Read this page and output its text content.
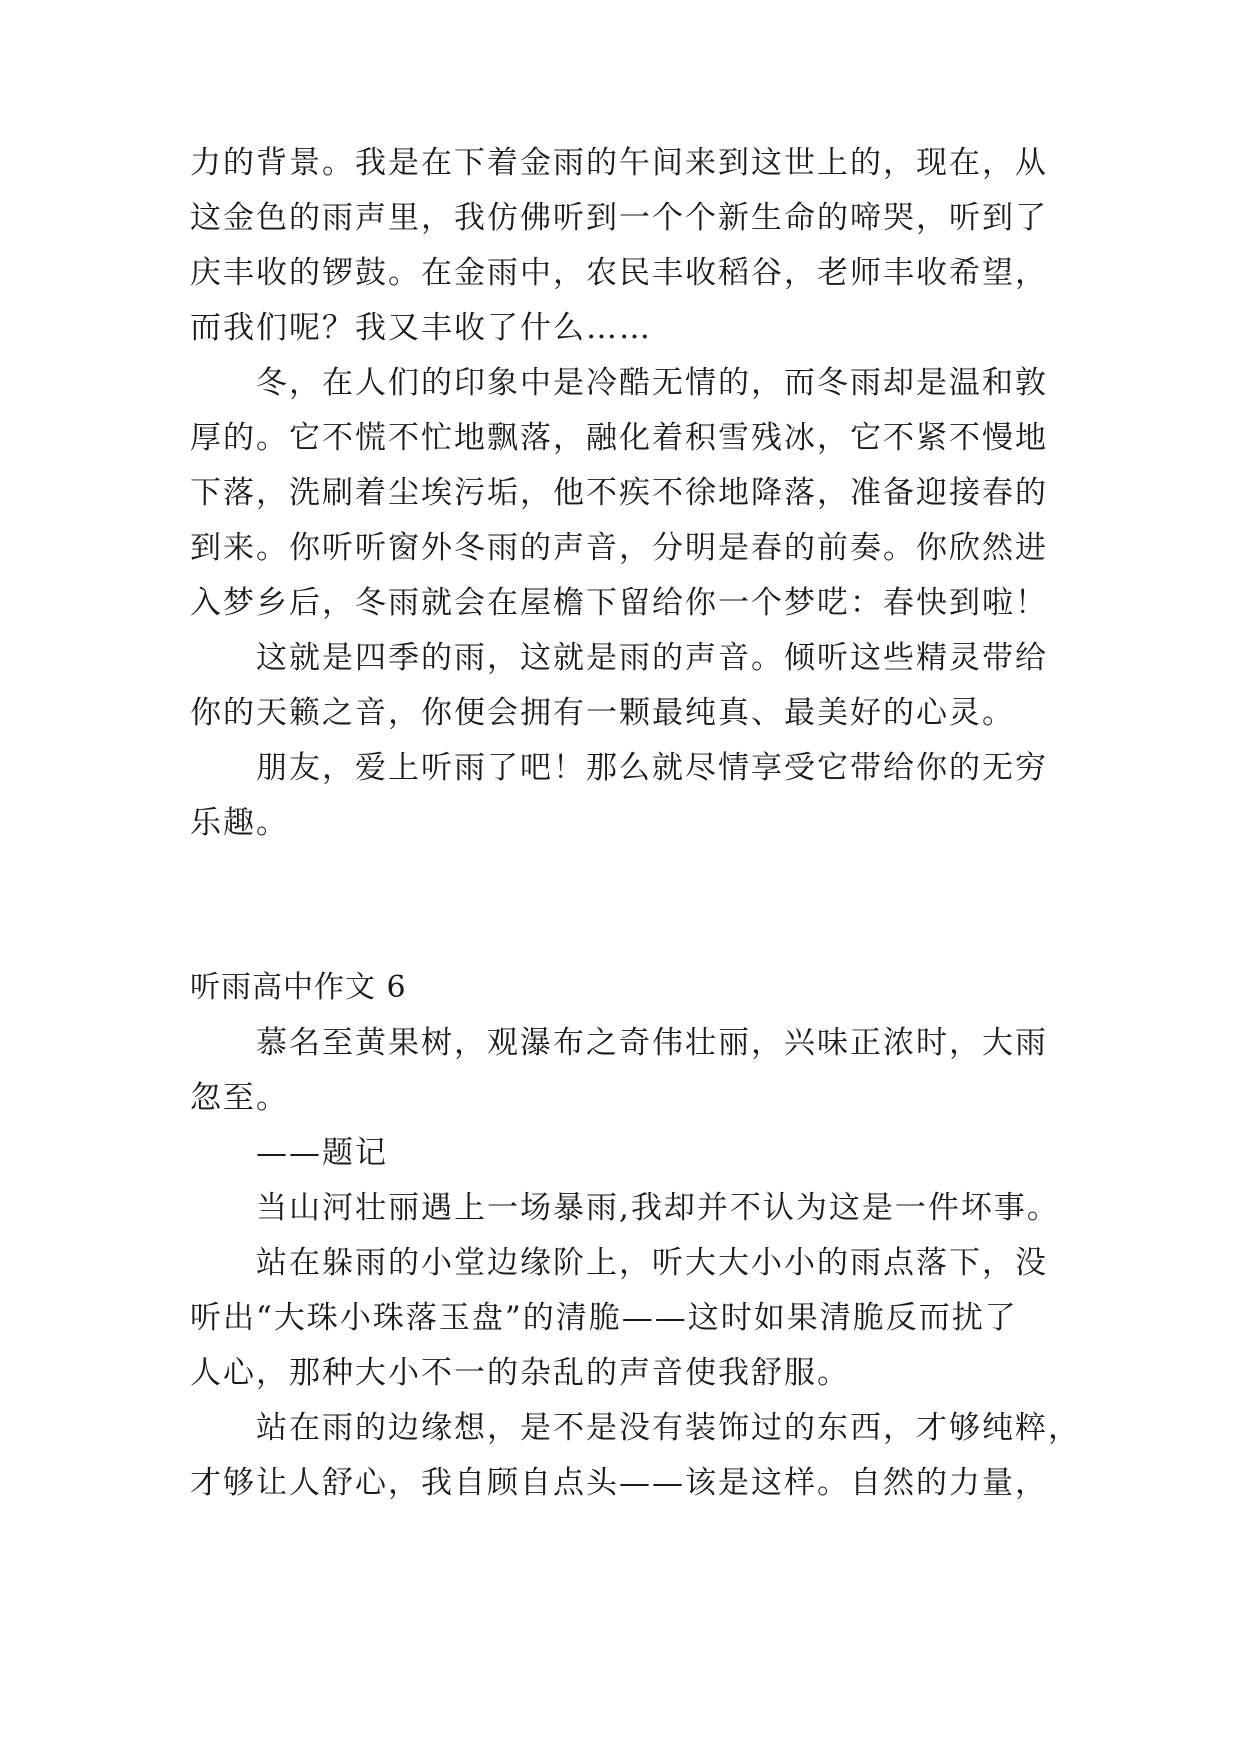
力的背景。我是在下着金雨的午间来到这世上的，现在，从
这金色的雨声里，我仿佛听到一个个新生命的啼哭，听到了
庆丰收的锣鼓。在金雨中，农民丰收稻谷，老师丰收希望，
而我们呢？我又丰收了什么……
冬，在人们的印象中是冷酷无情的，而冬雨却是温和敦
厚的。它不慌不忙地飘落，融化着积雪残冰，它不紧不慢地
下落，洗刷着尘埃污垢，他不疾不徐地降落，准备迎接春的
到来。你听听窗外冬雨的声音，分明是春的前奏。你欣然进
入梦乡后，冬雨就会在屋檐下留给你一个梦呓：春快到啦！
这就是四季的雨，这就是雨的声音。倾听这些精灵带给
你的天籁之音，你便会拥有一颗最纯真、最美好的心灵。
朋友，爱上听雨了吧！那么就尽情享受它带给你的无穷
乐趣。
听雨高中作文 6
慕名至黄果树，观瀑布之奇伟壮丽，兴味正浓时，大雨
忽至。
——题记
当山河壮丽遇上一场暴雨,我却并不认为这是一件坏事。
站在躲雨的小堂边缘阶上，听大大小小的雨点落下，没
听出“大珠小珠落玉盘”的清脆——这时如果清脆反而扰了
人心，那种大小不一的杂乱的声音使我舒服。
站在雨的边缘想，是不是没有装饰过的东西，才够纯粹，
才够让人舒心，我自顾自点头——该是这样。自然的力量，
